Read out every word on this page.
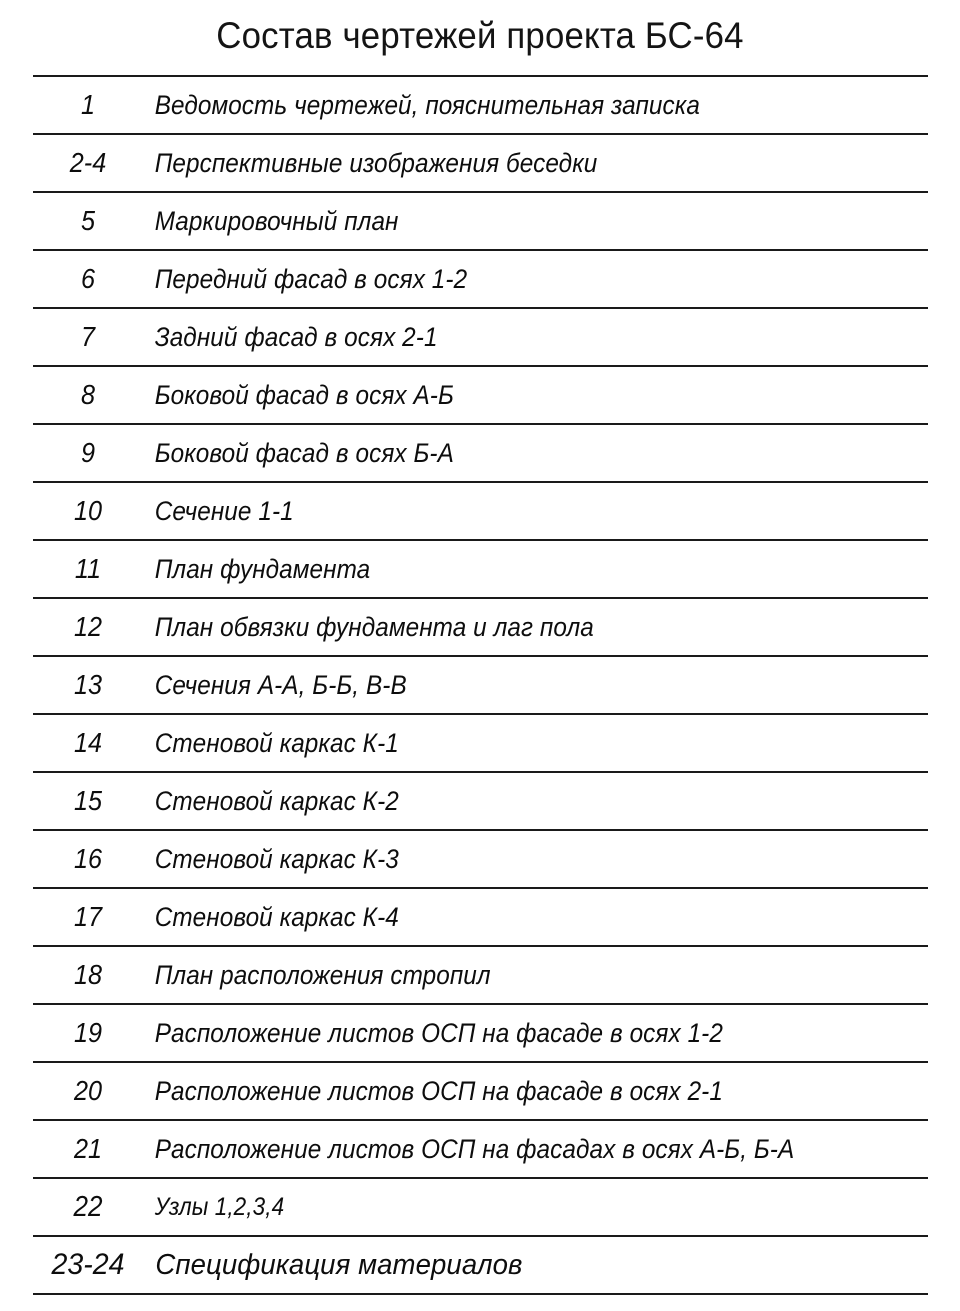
Состав чертежей проекта БС-64
1	Ведомость чертежей, пояснительная записка
2-4	Перспективные изображения беседки
5	Маркировочный план
6	Передний фасад в осях 1-2
7	Задний фасад в осях 2-1
8	Боковой фасад в осях А-Б
9	Боковой фасад в осях Б-А
10	Сечение 1-1
11	План фундамента
12	План обвязки фундамента и лаг пола
13	Сечения А-А, Б-Б, В-В
14	Стеновой каркас К-1
15	Стеновой каркас К-2
16	Стеновой каркас К-3
17	Стеновой каркас К-4
18	План расположения стропил
19	Расположение листов ОСП на фасаде в осях 1-2
20	Расположение листов ОСП на фасаде в осях 2-1
21	Расположение листов ОСП на фасадах в осях А-Б, Б-А
22	Узлы 1,2,3,4
23-24	Спецификация материалов
